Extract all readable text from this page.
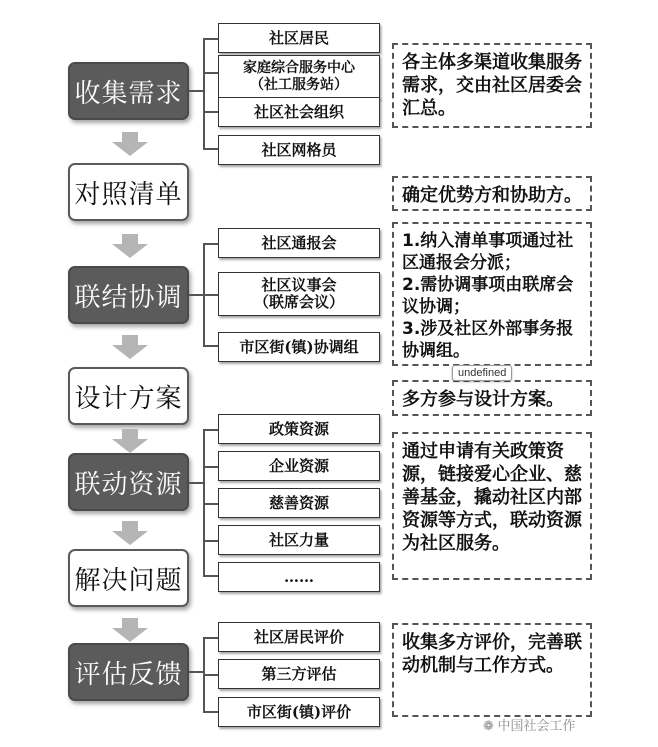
收集需求
对照清单
联结协调
设计方案
联动资源
解决问题
评估反馈
社区居民
家庭综合服务中心
（社工服务站）
社区社会组织
社区网格员
各主体多渠道收集服务需求，交由社区居委会汇总。
确定优势方和协助方。
社区通报会
社区议事会
（联席会议）
市区街(镇)协调组
1.纳入清单事项通过社区通报会分派；
2.需协调事项由联席会议协调；
3.涉及社区外部事务报协调组。
多方参与设计方案。
政策资源
企业资源
慈善资源
社区力量
……
通过申请有关政策资源，链接爱心企业、慈善基金，撬动社区内部资源等方式，联动资源为社区服务。
社区居民评价
第三方评估
市区街(镇)评价
收集多方评价，完善联动机制与工作方式。
undefined
❁ 中国社会工作
